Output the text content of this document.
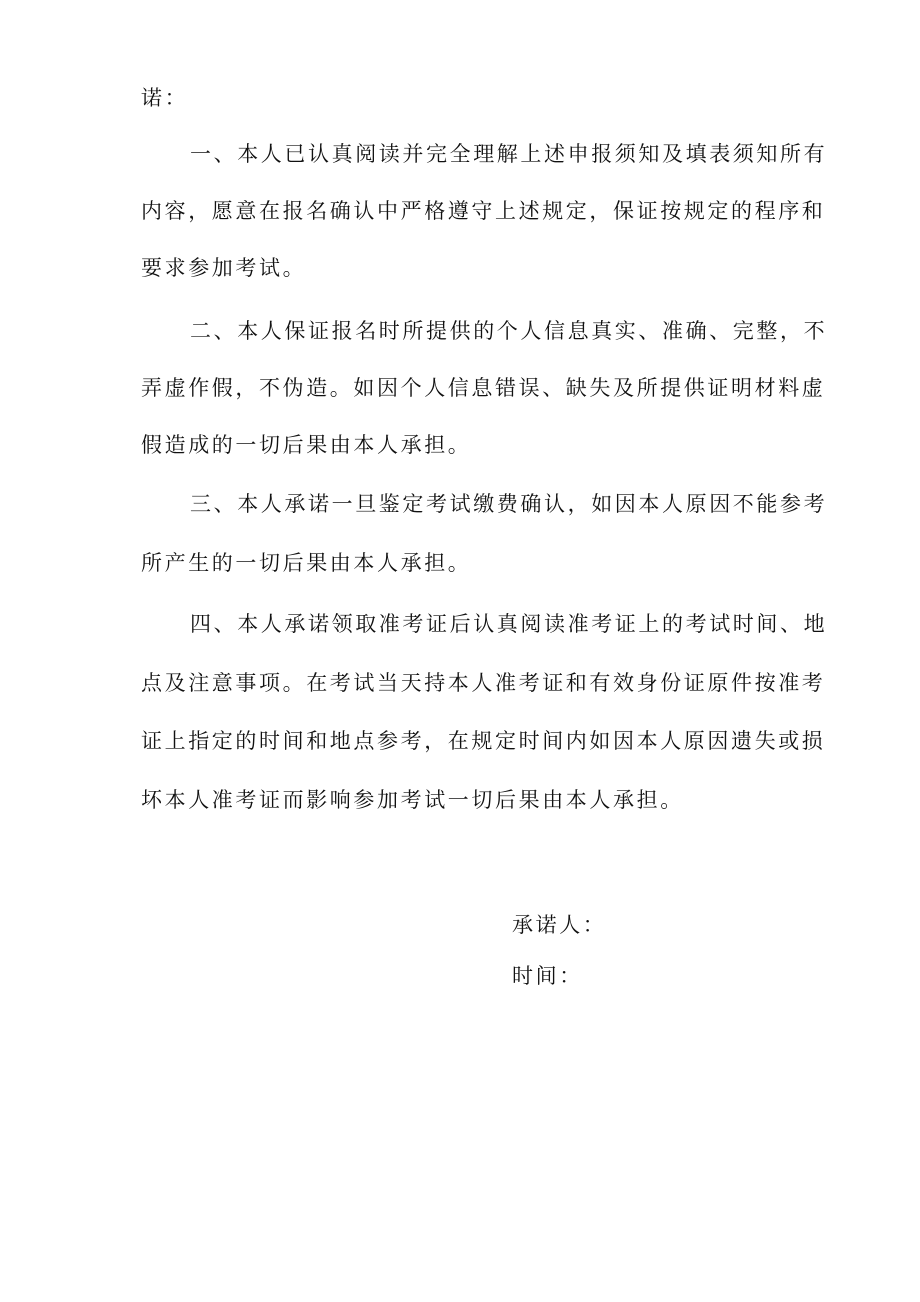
诺：
一、本人已认真阅读并完全理解上述申报须知及填表须知所有
内容，愿意在报名确认中严格遵守上述规定，保证按规定的程序和
要求参加考试。
二、本人保证报名时所提供的个人信息真实、准确、完整，不
弄虚作假，不伪造。如因个人信息错误、缺失及所提供证明材料虚
假造成的一切后果由本人承担。
三、本人承诺一旦鉴定考试缴费确认，如因本人原因不能参考
所产生的一切后果由本人承担。
四、本人承诺领取准考证后认真阅读准考证上的考试时间、地
点及注意事项。在考试当天持本人准考证和有效身份证原件按准考
证上指定的时间和地点参考，在规定时间内如因本人原因遗失或损
坏本人准考证而影响参加考试一切后果由本人承担。
承诺人：
时间：
